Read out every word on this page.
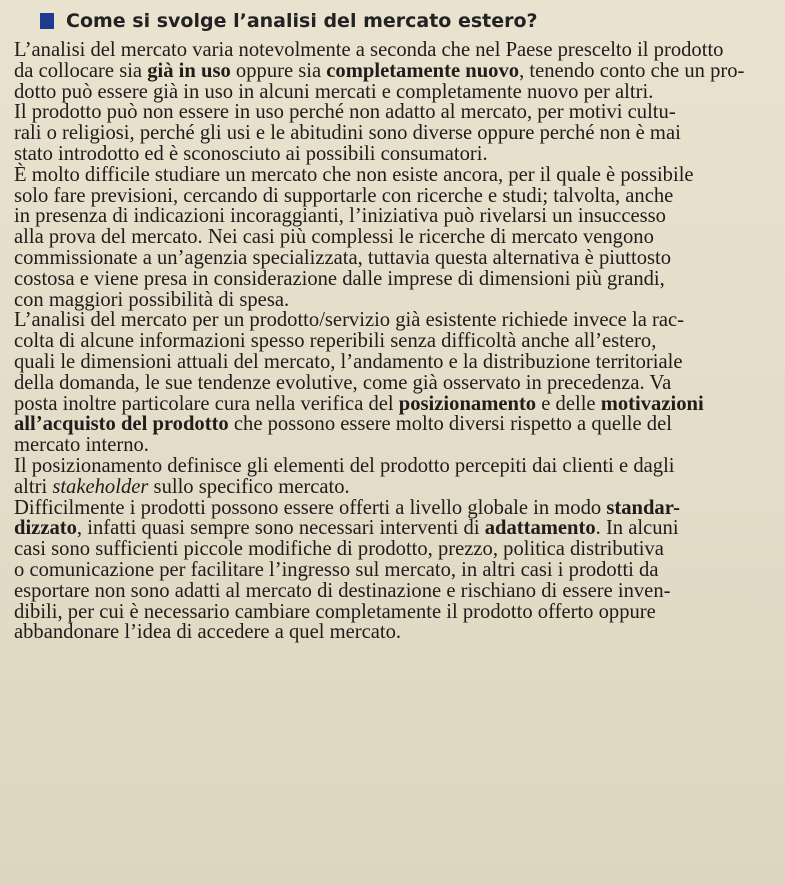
Come si svolge l’analisi del mercato estero?

L’analisi del mercato varia notevolmente a seconda che nel Paese prescelto il prodotto
da collocare sia già in uso oppure sia completamente nuovo, tenendo conto che un pro-
dotto può essere già in uso in alcuni mercati e completamente nuovo per altri.

Il prodotto può non essere in uso perché non adatto al mercato, per motivi cultu-
rali o religiosi, perché gli usi e le abitudini sono diverse oppure perché non è mai
stato introdotto ed è sconosciuto ai possibili consumatori.

È molto difficile studiare un mercato che non esiste ancora, per il quale è possibile
solo fare previsioni, cercando di supportarle con ricerche e studi; talvolta, anche
in presenza di indicazioni incoraggianti, l’iniziativa può rivelarsi un insuccesso
alla prova del mercato. Nei casi più complessi le ricerche di mercato vengono
commissionate a un’agenzia specializzata, tuttavia questa alternativa è piuttosto
costosa e viene presa in considerazione dalle imprese di dimensioni più grandi,
con maggiori possibilità di spesa.

L’analisi del mercato per un prodotto/servizio già esistente richiede invece la rac-
colta di alcune informazioni spesso reperibili senza difficoltà anche all’estero,
quali le dimensioni attuali del mercato, l’andamento e la distribuzione territoriale
della domanda, le sue tendenze evolutive, come già osservato in precedenza. Va
posta inoltre particolare cura nella verifica del posizionamento e delle motivazioni
all’acquisto del prodotto che possono essere molto diversi rispetto a quelle del
mercato interno.

Il posizionamento definisce gli elementi del prodotto percepiti dai clienti e dagli
altri stakeholder sullo specifico mercato.

Difficilmente i prodotti possono essere offerti a livello globale in modo standar-
dizzato, infatti quasi sempre sono necessari interventi di adattamento. In alcuni
casi sono sufficienti piccole modifiche di prodotto, prezzo, politica distributiva
o comunicazione per facilitare l’ingresso sul mercato, in altri casi i prodotti da
esportare non sono adatti al mercato di destinazione e rischiano di essere inven-
dibili, per cui è necessario cambiare completamente il prodotto offerto oppure
abbandonare l’idea di accedere a quel mercato.
